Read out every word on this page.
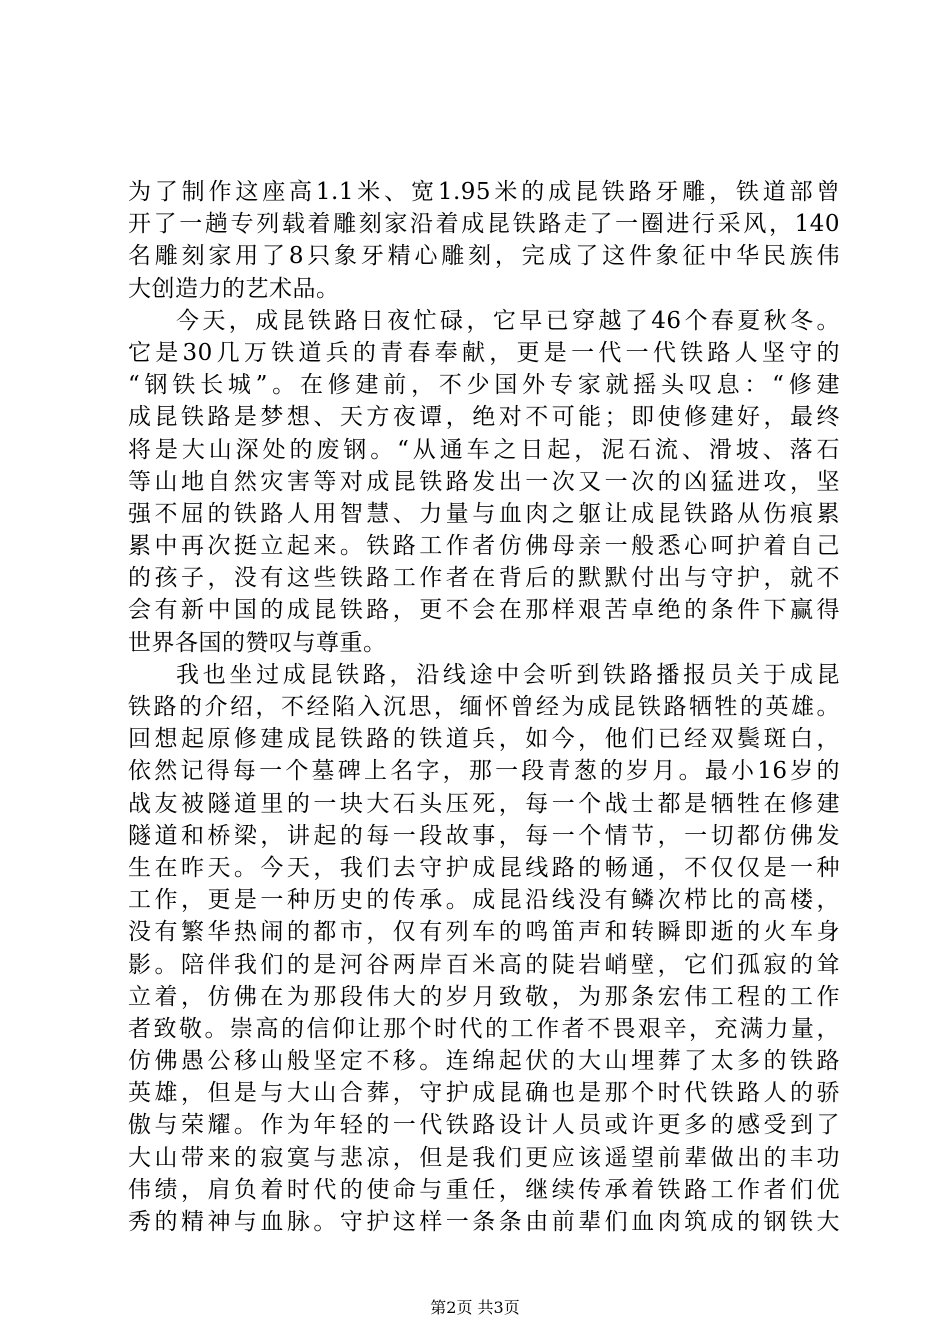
为了制作这座高1.1米、宽1.95米的成昆铁路牙雕，铁道部曾
开了一趟专列载着雕刻家沿着成昆铁路走了一圈进行采风，140
名雕刻家用了8只象牙精心雕刻，完成了这件象征中华民族伟
大创造力的艺术品。
今天，成昆铁路日夜忙碌，它早已穿越了46个春夏秋冬。
它是30几万铁道兵的青春奉献，更是一代一代铁路人坚守的
“钢铁长城”。在修建前，不少国外专家就摇头叹息：“修建
成昆铁路是梦想、天方夜谭，绝对不可能；即使修建好，最终
将是大山深处的废钢。“从通车之日起，泥石流、滑坡、落石
等山地自然灾害等对成昆铁路发出一次又一次的凶猛进攻，坚
强不屈的铁路人用智慧、力量与血肉之躯让成昆铁路从伤痕累
累中再次挺立起来。铁路工作者仿佛母亲一般悉心呵护着自己
的孩子，没有这些铁路工作者在背后的默默付出与守护，就不
会有新中国的成昆铁路，更不会在那样艰苦卓绝的条件下赢得
世界各国的赞叹与尊重。
我也坐过成昆铁路，沿线途中会听到铁路播报员关于成昆
铁路的介绍，不经陷入沉思，缅怀曾经为成昆铁路牺牲的英雄。
回想起原修建成昆铁路的铁道兵，如今，他们已经双鬓斑白，
依然记得每一个墓碑上名字，那一段青葱的岁月。最小16岁的
战友被隧道里的一块大石头压死，每一个战士都是牺牲在修建
隧道和桥梁，讲起的每一段故事，每一个情节，一切都仿佛发
生在昨天。今天，我们去守护成昆线路的畅通，不仅仅是一种
工作，更是一种历史的传承。成昆沿线没有鳞次栉比的高楼，
没有繁华热闹的都市，仅有列车的鸣笛声和转瞬即逝的火车身
影。陪伴我们的是河谷两岸百米高的陡岩峭壁，它们孤寂的耸
立着，仿佛在为那段伟大的岁月致敬，为那条宏伟工程的工作
者致敬。崇高的信仰让那个时代的工作者不畏艰辛，充满力量，
仿佛愚公移山般坚定不移。连绵起伏的大山埋葬了太多的铁路
英雄，但是与大山合葬，守护成昆确也是那个时代铁路人的骄
傲与荣耀。作为年轻的一代铁路设计人员或许更多的感受到了
大山带来的寂寞与悲凉，但是我们更应该遥望前辈做出的丰功
伟绩，肩负着时代的使命与重任，继续传承着铁路工作者们优
秀的精神与血脉。守护这样一条条由前辈们血肉筑成的钢铁大
第2页 共3页
